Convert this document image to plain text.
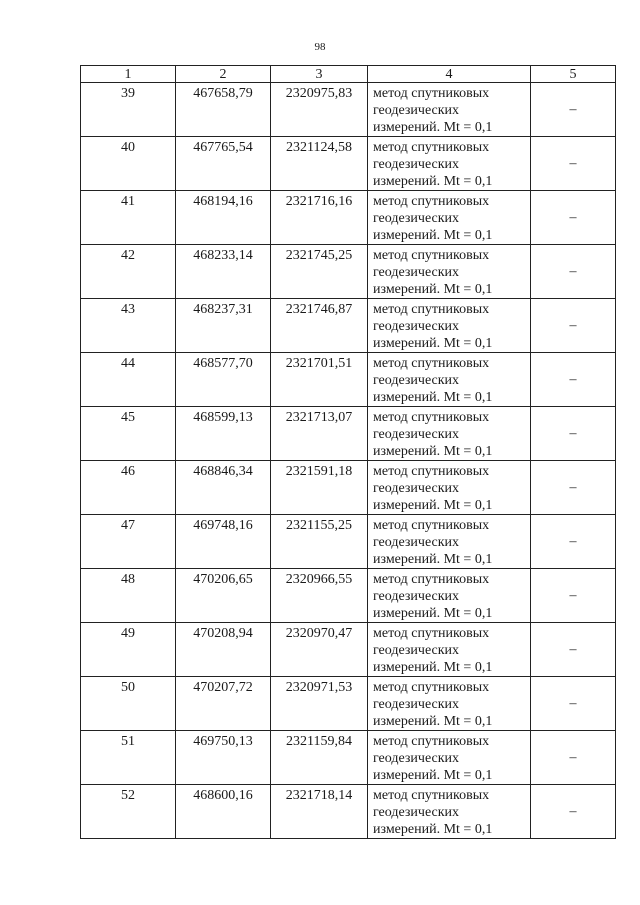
98
1	2	3	4	5
39	467658,79	2320975,83	метод спутниковых
геодезических
измерений. Mt = 0,1	–
40	467765,54	2321124,58	метод спутниковых
геодезических
измерений. Mt = 0,1	–
41	468194,16	2321716,16	метод спутниковых
геодезических
измерений. Mt = 0,1	–
42	468233,14	2321745,25	метод спутниковых
геодезических
измерений. Mt = 0,1	–
43	468237,31	2321746,87	метод спутниковых
геодезических
измерений. Mt = 0,1	–
44	468577,70	2321701,51	метод спутниковых
геодезических
измерений. Mt = 0,1	–
45	468599,13	2321713,07	метод спутниковых
геодезических
измерений. Mt = 0,1	–
46	468846,34	2321591,18	метод спутниковых
геодезических
измерений. Mt = 0,1	–
47	469748,16	2321155,25	метод спутниковых
геодезических
измерений. Mt = 0,1	–
48	470206,65	2320966,55	метод спутниковых
геодезических
измерений. Mt = 0,1	–
49	470208,94	2320970,47	метод спутниковых
геодезических
измерений. Mt = 0,1	–
50	470207,72	2320971,53	метод спутниковых
геодезических
измерений. Mt = 0,1	–
51	469750,13	2321159,84	метод спутниковых
геодезических
измерений. Mt = 0,1	–
52	468600,16	2321718,14	метод спутниковых
геодезических
измерений. Mt = 0,1	–
